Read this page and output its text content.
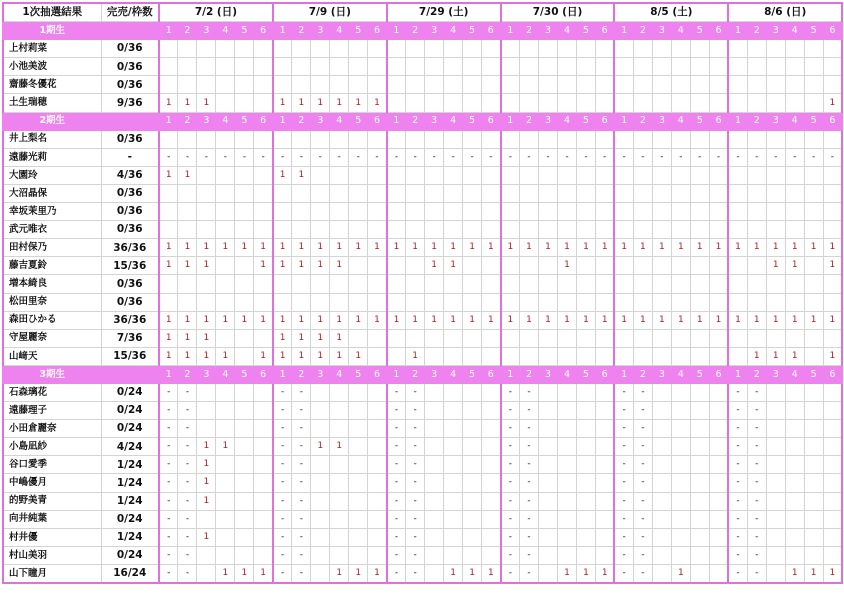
1次抽選結果	完売/枠数	7/2 (日)						7/9 (日)						7/29 (土)						7/30 (日)						8/5 (土)						8/6 (日)					
1期生		1	2	3	4	5	6	1	2	3	4	5	6	1	2	3	4	5	6	1	2	3	4	5	6	1	2	3	4	5	6	1	2	3	4	5	6
上村莉菜	0/36																																				
小池美波	0/36																																				
齋藤冬優花	0/36																																				
土生瑞穂	9/36	1	1	1				1	1	1	1	1	1																								1
2期生		1	2	3	4	5	6	1	2	3	4	5	6	1	2	3	4	5	6	1	2	3	4	5	6	1	2	3	4	5	6	1	2	3	4	5	6
井上梨名	0/36																																				
遠藤光莉	-	-	-	-	-	-	-	-	-	-	-	-	-	-	-	-	-	-	-	-	-	-	-	-	-	-	-	-	-	-	-	-	-	-	-	-	-
大園玲	4/36	1	1					1	1																												
大沼晶保	0/36																																				
幸坂茉里乃	0/36																																				
武元唯衣	0/36																																				
田村保乃	36/36	1	1	1	1	1	1	1	1	1	1	1	1	1	1	1	1	1	1	1	1	1	1	1	1	1	1	1	1	1	1	1	1	1	1	1	1
藤吉夏鈴	15/36	1	1	1			1	1	1	1	1					1	1						1											1	1		1
増本綺良	0/36																																				
松田里奈	0/36																																				
森田ひかる	36/36	1	1	1	1	1	1	1	1	1	1	1	1	1	1	1	1	1	1	1	1	1	1	1	1	1	1	1	1	1	1	1	1	1	1	1	1
守屋麗奈	7/36	1	1	1				1	1	1	1																										
山﨑天	15/36	1	1	1	1		1	1	1	1	1	1			1																		1	1	1		1
3期生		1	2	3	4	5	6	1	2	3	4	5	6	1	2	3	4	5	6	1	2	3	4	5	6	1	2	3	4	5	6	1	2	3	4	5	6
石森璃花	0/24	-	-					-	-					-	-					-	-					-	-					-	-				
遠藤理子	0/24	-	-					-	-					-	-					-	-					-	-					-	-				
小田倉麗奈	0/24	-	-					-	-					-	-					-	-					-	-					-	-				
小島凪紗	4/24	-	-	1	1			-	-	1	1			-	-					-	-					-	-					-	-				
谷口愛季	1/24	-	-	1				-	-					-	-					-	-					-	-					-	-				
中嶋優月	1/24	-	-	1				-	-					-	-					-	-					-	-					-	-				
的野美青	1/24	-	-	1				-	-					-	-					-	-					-	-					-	-				
向井純葉	0/24	-	-					-	-					-	-					-	-					-	-					-	-				
村井優	1/24	-	-	1				-	-					-	-					-	-					-	-					-	-				
村山美羽	0/24	-	-					-	-					-	-					-	-					-	-					-	-				
山下瞳月	16/24	-	-		1	1	1	-	-		1	1	1	-	-		1	1	1	-	-		1	1	1	-	-		1			-	-		1	1	1
